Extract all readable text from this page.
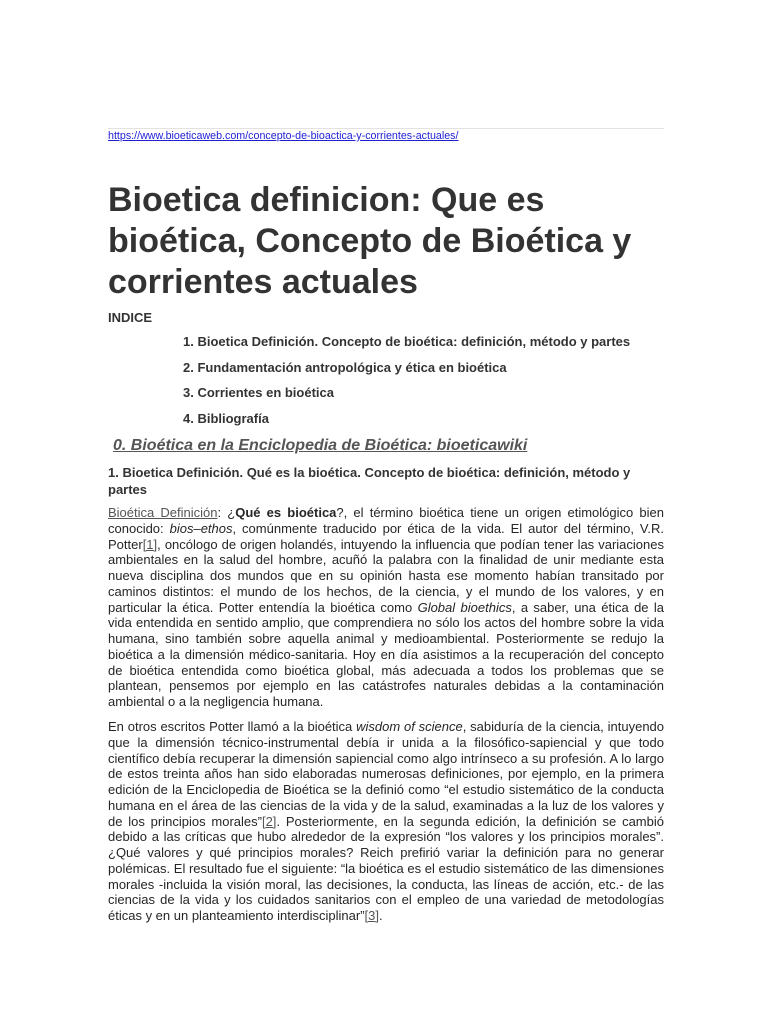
https://www.bioeticaweb.com/concepto-de-bioactica-y-corrientes-actuales/
Bioetica definicion: Que es bioética, Concepto de Bioética y corrientes actuales
INDICE
1. Bioetica Definición. Concepto de bioética: definición, método y partes
2. Fundamentación antropológica y ética en bioética
3. Corrientes en bioética
4. Bibliografía
0. Bioética en la Enciclopedia de Bioética: bioeticawiki
1. Bioetica Definición. Qué es la bioética. Concepto de bioética: definición, método y partes

Bioética Definición: ¿Qué es bioética?, el término bioética tiene un origen etimológico bien conocido: bios–ethos, comúnmente traducido por ética de la vida. El autor del término, V.R. Potter[1], oncólogo de origen holandés, intuyendo la influencia que podían tener las variaciones ambientales en la salud del hombre, acuñó la palabra con la finalidad de unir mediante esta nueva disciplina dos mundos que en su opinión hasta ese momento habían transitado por caminos distintos: el mundo de los hechos, de la ciencia, y el mundo de los valores, y en particular la ética. Potter entendía la bioética como Global bioethics, a saber, una ética de la vida entendida en sentido amplio, que comprendiera no sólo los actos del hombre sobre la vida humana, sino también sobre aquella animal y medioambiental. Posteriormente se redujo la bioética a la dimensión médico-sanitaria. Hoy en día asistimos a la recuperación del concepto de bioética entendida como bioética global, más adecuada a todos los problemas que se plantean, pensemos por ejemplo en las catástrofes naturales debidas a la contaminación ambiental o a la negligencia humana.

En otros escritos Potter llamó a la bioética wisdom of science, sabiduría de la ciencia, intuyendo que la dimensión técnico-instrumental debía ir unida a la filosófico-sapiencial y que todo científico debía recuperar la dimensión sapiencial como algo intrínseco a su profesión. A lo largo de estos treinta años han sido elaboradas numerosas definiciones, por ejemplo, en la primera edición de la Enciclopedia de Bioética se la definió como “el estudio sistemático de la conducta humana en el área de las ciencias de la vida y de la salud, examinadas a la luz de los valores y de los principios morales”[2]. Posteriormente, en la segunda edición, la definición se cambió debido a las críticas que hubo alrededor de la expresión “los valores y los principios morales”. ¿Qué valores y qué principios morales? Reich prefirió variar la definición para no generar polémicas. El resultado fue el siguiente: “la bioética es el estudio sistemático de las dimensiones morales -incluida la visión moral, las decisiones, la conducta, las líneas de acción, etc.- de las ciencias de la vida y los cuidados sanitarios con el empleo de una variedad de metodologías éticas y en un planteamiento interdisciplinar”[3].
